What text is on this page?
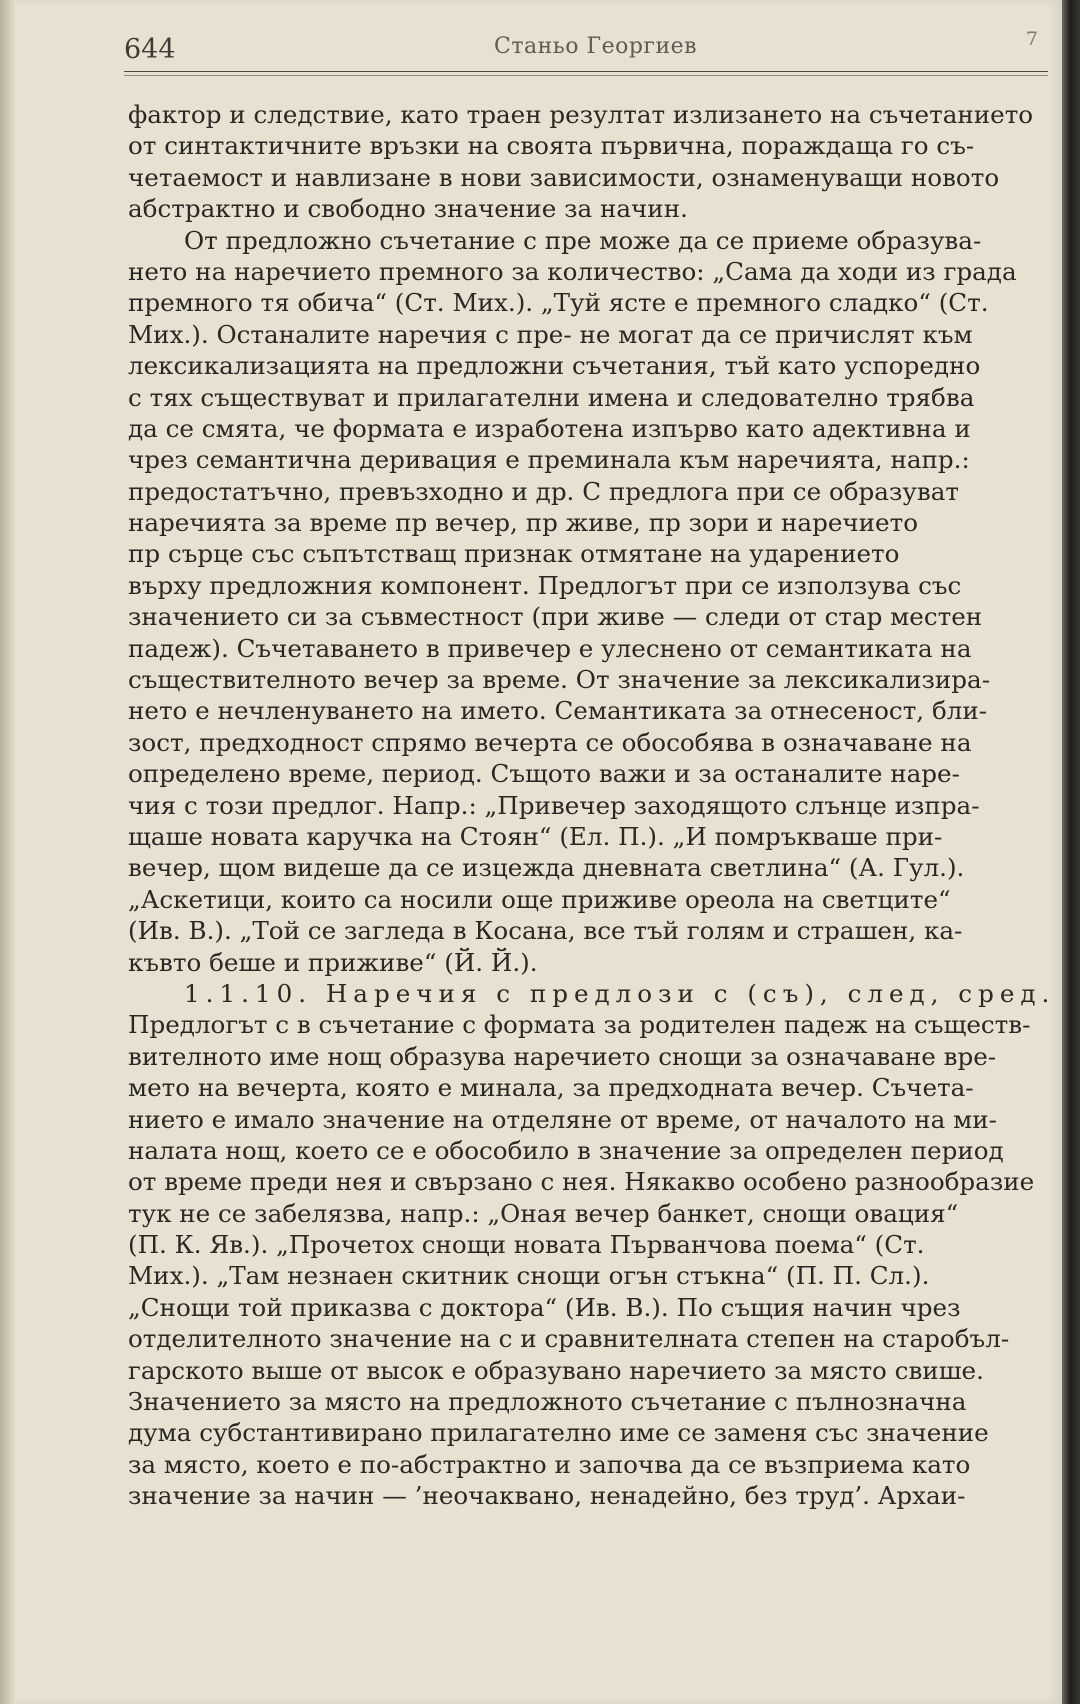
644	Станьо Георгиев	7
фактор и следствие, като траен резултат излизането на съчетанието
от синтактичните връзки на своята първична, пораждаща го съ-
четаемост и навлизане в нови зависимости, ознаменуващи новото
абстрактно и свободно значение за начин.
От предложно съчетание с пре може да се приеме образува-
нето на наречието премного за количество: „Сама да ходи из града
премного тя обича“ (Ст. Мих.). „Туй ясте е премного сладко“ (Ст.
Мих.). Останалите наречия с пре- не могат да се причислят към
лексикализацията на предложни съчетания, тъй като успоредно
с тях съществуват и прилагателни имена и следователно трябва
да се смята, че формата е изработена изпърво като адективна и
чрез семантична деривация е преминала към наречията, напр.:
предостатъчно, превъзходно и др. С предлога при се образуват
наречията за време пр вечер, пр живе, пр зори и наречието
пр сърце със съпътстващ признак отмятане на ударението
върху предложния компонент. Предлогът при се използува със
значението си за съвместност (при живе — следи от стар местен
падеж). Съчетаването в привечер е улеснено от семантиката на
съществителното вечер за време. От значение за лексикализира-
нето е нечленуването на името. Семантиката за отнесеност, бли-
зост, предходност спрямо вечерта се обособява в означаване на
определено време, период. Същото важи и за останалите наре-
чия с този предлог. Напр.: „Привечер заходящото слънце изпра-
щаше новата каручка на Стоян“ (Ел. П.). „И помръкваше при-
вечер, щом видеше да се изцежда дневната светлина“ (А. Гул.).
„Аскетици, които са носили още приживе ореола на светците“
(Ив. В.). „Той се загледа в Косана, все тъй голям и страшен, ка-
къвто беше и приживе“ (Й. Й.).
1.1.10. Наречия с предлози с (съ), след, сред.
Предлогът с в съчетание с формата за родителен падеж на съществ-
вителното име нощ образува наречието снощи за означаване вре-
мето на вечерта, която е минала, за предходната вечер. Съчета-
нието е имало значение на отделяне от време, от началото на ми-
налата нощ, което се е обособило в значение за определен период
от време преди нея и свързано с нея. Някакво особено разнообразие
тук не се забелязва, напр.: „Оная вечер банкет, снощи овация“
(П. К. Яв.). „Прочетох снощи новата Първанчова поема“ (Ст.
Мих.). „Там незнаен скитник снощи огън стъкна“ (П. П. Сл.).
„Снощи той приказва с доктора“ (Ив. В.). По същия начин чрез
отделителното значение на с и сравнителната степен на старобъл-
гарското выше от высок е образувано наречието за място свише.
Значението за място на предложното съчетание с пълнозначна
дума субстантивирано прилагателно име се заменя със значение
за място, което е по-абстрактно и започва да се възприема като
значение за начин — ’неочаквано, ненадейно, без труд’. Архаи-
